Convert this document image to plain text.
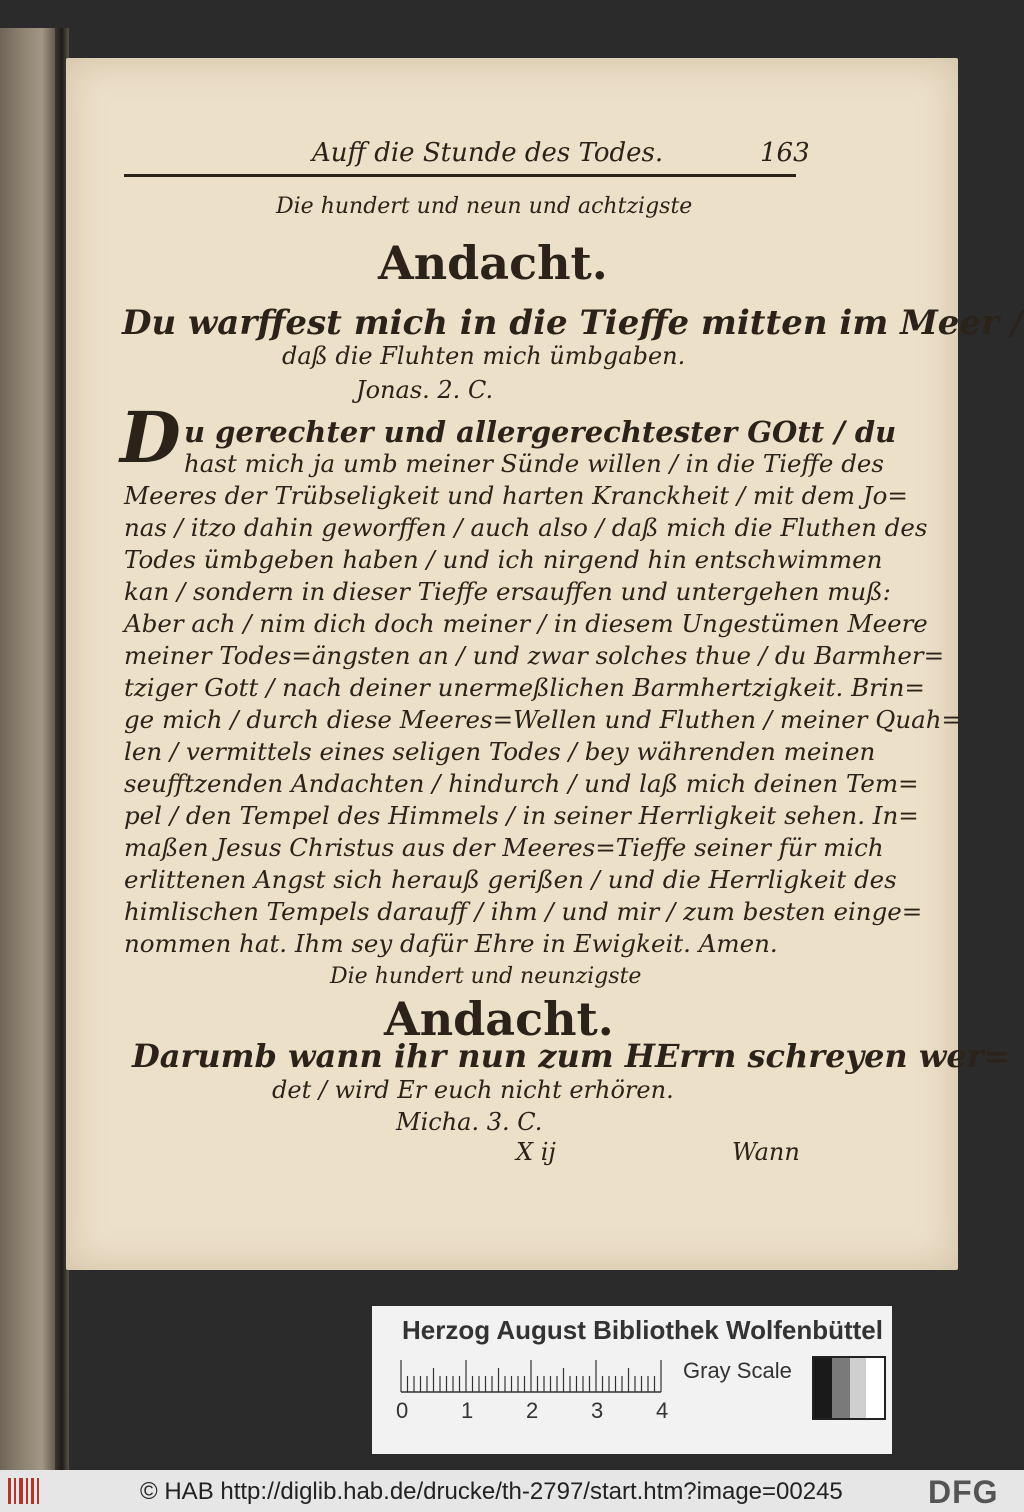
Auff die Stunde des Todes.	163
Die hundert und neun und achtzigste
Andacht.
Du warffest mich in die Tieffe mitten im Meer /
daß die Fluhten mich ümbgaben.
Jonas. 2. C.
D u gerechter und allergerechtester GOtt / du
hast mich ja umb meiner Sünde willen / in die Tieffe des
Meeres der Trübseligkeit und harten Kranckheit / mit dem Jo=
nas / itzo dahin geworffen / auch also / daß mich die Fluthen des
Todes ümbgeben haben / und ich nirgend hin entschwimmen
kan / sondern in dieser Tieffe ersauffen und untergehen muß:
Aber ach / nim dich doch meiner / in diesem Ungestümen Meere
meiner Todes=ängsten an / und zwar solches thue / du Barmher=
tziger Gott / nach deiner unermeßlichen Barmhertzigkeit. Brin=
ge mich / durch diese Meeres=Wellen und Fluthen / meiner Quah=
len / vermittels eines seligen Todes / bey währenden meinen
seufftzenden Andachten / hindurch / und laß mich deinen Tem=
pel / den Tempel des Himmels / in seiner Herrligkeit sehen. In=
maßen Jesus Christus aus der Meeres=Tieffe seiner für mich
erlittenen Angst sich herauß gerißen / und die Herrligkeit des
himlischen Tempels darauff / ihm / und mir / zum besten einge=
nommen hat. Ihm sey dafür Ehre in Ewigkeit. Amen.
Die hundert und neunzigste
Andacht.
Darumb wann ihr nun zum HErrn schreyen wer=
det / wird Er euch nicht erhören.
Micha. 3. C.
X ij	Wann
Herzog August Bibliothek Wolfenbüttel
Gray Scale
0 1 2 3 4
© HAB http://diglib.hab.de/drucke/th-2797/start.htm?image=00245	DFG
